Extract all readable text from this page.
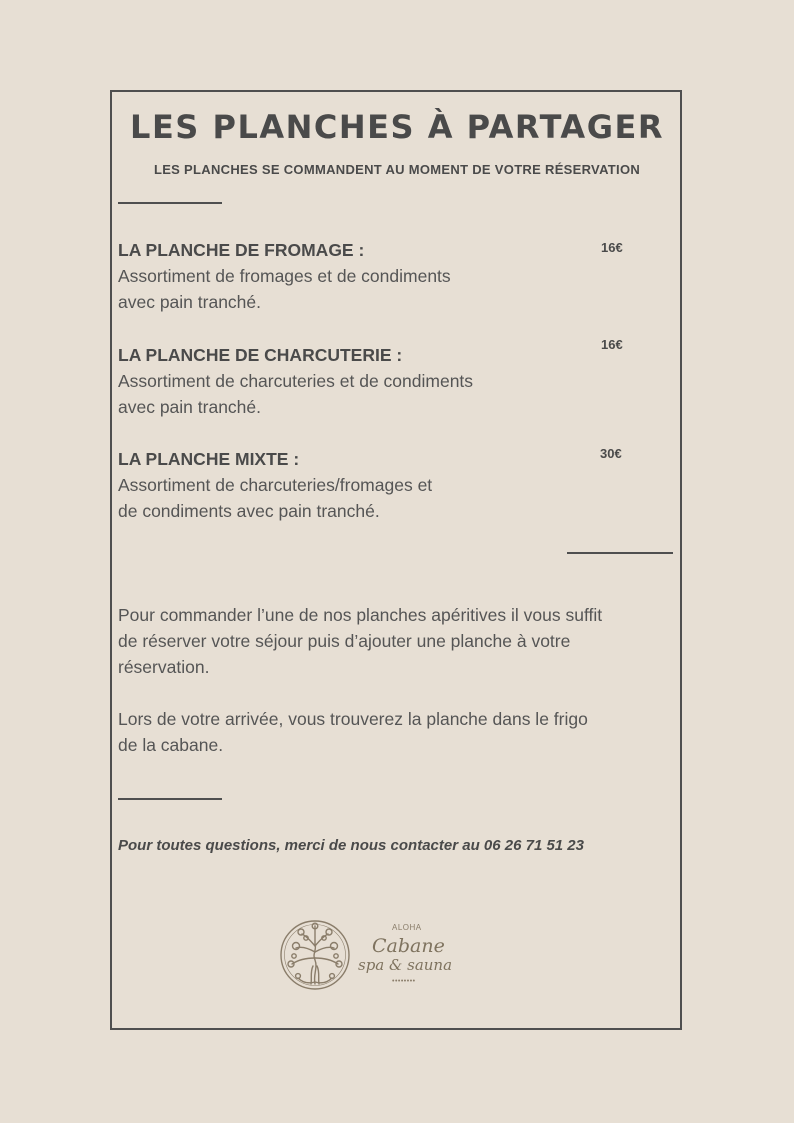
LES PLANCHES À PARTAGER

LES PLANCHES SE COMMANDENT AU MOMENT DE VOTRE RÉSERVATION

LA PLANCHE DE FROMAGE :
Assortiment de fromages et de condiments
avec pain tranché.
16€
LA PLANCHE DE CHARCUTERIE :
Assortiment de charcuteries et de condiments
avec pain tranché.
16€
LA PLANCHE MIXTE :
Assortiment de charcuteries/fromages et
de condiments avec pain tranché.
30€
Pour commander l’une de nos planches apéritives il vous suffit
de réserver votre séjour puis d’ajouter une planche à votre
réservation.
Lors de votre arrivée, vous trouverez la planche dans le frigo
de la cabane.
Pour toutes questions, merci de nous contacter au 06 26 71 51 23
ALOHA
Cabane
spa & sauna
••••••••
